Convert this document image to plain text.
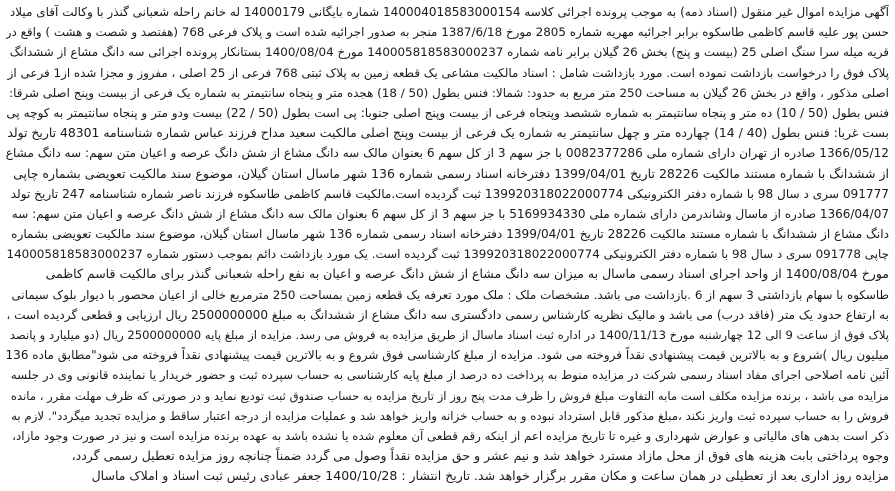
آگهی مزایده اموال غیر منقول (اسناد ذمه) به موجب پرونده اجرائی کلاسه 140004018583000154 شماره بایگانی 14000179 له خانم راحله شعبانی گنذر با وکالت آقای میلاد
حسن پور علیه قاسم کاظمی طاسکوه برابر اجرائیه مهریه شماره 2805 مورخ 1387/6/18 منجر به صدور اجرائیه شده است و پلاک فرعی 768 (هفتصد و شصت و هشت ) واقع در
قریه میله سرا سنگ اصلی 25 (بیست و پنج) بخش 26 گیلان برابر نامه شماره 140005818583000237 مورخ 1400/08/04 بستانکار پرونده اجرائی سه دانگ مشاع از ششدانگ
پلاک فوق را درخواست بازداشت نموده است. مورد بازداشت شامل : اسناد مالکیت مشاعی یک قطعه زمین به پلاک ثبتی 768 فرعی از 25 اصلی ، مفروز و مجزا شده از1 فرعی از
اصلی مذکور ، واقع در بخش 26 گیلان به مساحت 250 متر مربع به حدود: شمالا: فنس بطول (50 / 18) هجده متر و پنجاه سانتیمتر به شماره یک فرعی از بیست وپنج اصلی شرقا:
فنس بطول (50 / 10) ده متر و پنجاه سانتیمتر به شماره ششصد وپنجاه فرعی از بیست وپنج اصلی جنوبا: پی است بطول (50 / 22) بیست ودو متر و پنجاه سانتیمتر به کوچه پی
بست غربا: فنس بطول (40 / 14) چهارده متر و چهل سانتیمتر به شماره یک فرعی از بیست وپنج اصلی مالکیت سعید مداح فرزند عباس شماره شناسنامه 48301 تاریخ تولد
1366/05/12 صادره از تهران دارای شماره ملی 0082377286 با جز سهم 3 از کل سهم 6 بعنوان مالک سه دانگ مشاع از شش دانگ عرصه و اعیان متن سهم: سه دانگ مشاع
از ششدانگ با شماره مستند مالکیت 28226 تاریخ 1399/04/01 دفترخانه اسناد رسمی شماره 136 شهر ماسال استان گیلان، موضوع سند مالکیت تعویضی بشماره چاپی
091777 سری د سال 98 با شماره دفتر الکترونیکی 139920318022000774 ثبت گردیده است.مالکیت قاسم کاظمی طاسکوه فرزند ناصر شماره شناسنامه 247 تاریخ تولد
1366/04/07 صادره از ماسال وشاندرمن دارای شماره ملی 5169934330 با جز سهم 3 از کل سهم 6 بعنوان مالک سه دانگ مشاع از شش دانگ عرصه و اعیان متن سهم: سه
دانگ مشاع از ششدانگ با شماره مستند مالکیت 28226 تاریخ 1399/04/01 دفترخانه اسناد رسمی شماره 136 شهر ماسال استان گیلان، موضوع سند مالکیت تعویضی بشماره
چاپی 091778 سری د سال 98 با شماره دفتر الکترونیکی 139920318022000774 ثبت گردیده است. یک مورد بازداشت دائم بموجب دستور شماره 140005818583000237
مورخ 1400/08/04 از واحد اجرای اسناد رسمی ماسال به میزان سه دانگ مشاع از شش دانگ عرصه و اعیان به نفع راحله شعبانی گنذر برای مالکیت قاسم کاظمی
طاسکوه با سهام بازداشتی 3 سهم از 6 .بازداشت می باشد. مشخصات ملک : ملک مورد تعرفه یک قطعه زمین بمساحت 250 مترمربع خالی از اعیان محصور با دیوار بلوک سیمانی
به ارتفاع حدود یک متر (فاقد درب) می باشد و مالیک نظریه کارشناس رسمی دادگستری سه دانگ مشاع از ششدانگ به مبلغ 2500000000 ریال ارزیابی و قطعی گردیده است ،
پلاک فوق از ساعت 9 الی 12 چهارشنبه مورخ 1400/11/13 در اداره ثبت اسناد ماسال از طریق مزایده به فروش می رسد. مزایده از مبلغ پایه 2500000000 ریال (دو میلیارد و پانصد
میلیون ریال )شروع و به بالاترین قیمت پیشنهادی نقداً فروخته می شود. مزایده از مبلغ کارشناسی فوق شروع و به بالاترین قیمت پیشنهادی نقداً فروخته می شود"مطابق ماده 136
آئین نامه اصلاحی اجرای مفاد اسناد رسمی شرکت در مزایده منوط به پرداخت ده درصد از مبلغ پایه کارشناسی به حساب سپرده ثبت و حضور خریدار یا نماینده قانونی وی در جلسه
مزایده می باشد ، برنده مزایده مکلف است مابه التفاوت مبلغ فروش را ظرف مدت پنج روز از تاریخ مزایده به حساب صندوق ثبت تودیع نماید و در صورتی که ظرف مهلت مقرر ، مانده
فروش را به حساب سپرده ثبت واریز نکند ،مبلغ مذکور قابل استرداد نبوده و به حساب خزانه واریز خواهد شد و عملیات مزایده از درجه اعتبار ساقط و مزایده تجدید میگردد". لازم به
ذکر است بدهی های مالیاتی و عوارض شهرداری و غیره تا تاریخ مزایده اعم از اینکه رقم قطعی آن معلوم شده یا نشده باشد به عهده برنده مزایده است و نیز در صورت وجود مازاد،
وجوه پرداختی بابت هزینه های فوق از محل مازاد مسترد خواهد شد و نیم عشر و حق مزایده نقداً وصول می گردد ضمناً چنانچه روز مزایده تعطیل رسمی گردد،
مزایده روز اداری بعد از تعطیلی در همان ساعت و مکان مقرر برگزار خواهد شد. تاریخ انتشار : 1400/10/28 جعفر عبادی رئیس ثبت اسناد و املاک ماسال
